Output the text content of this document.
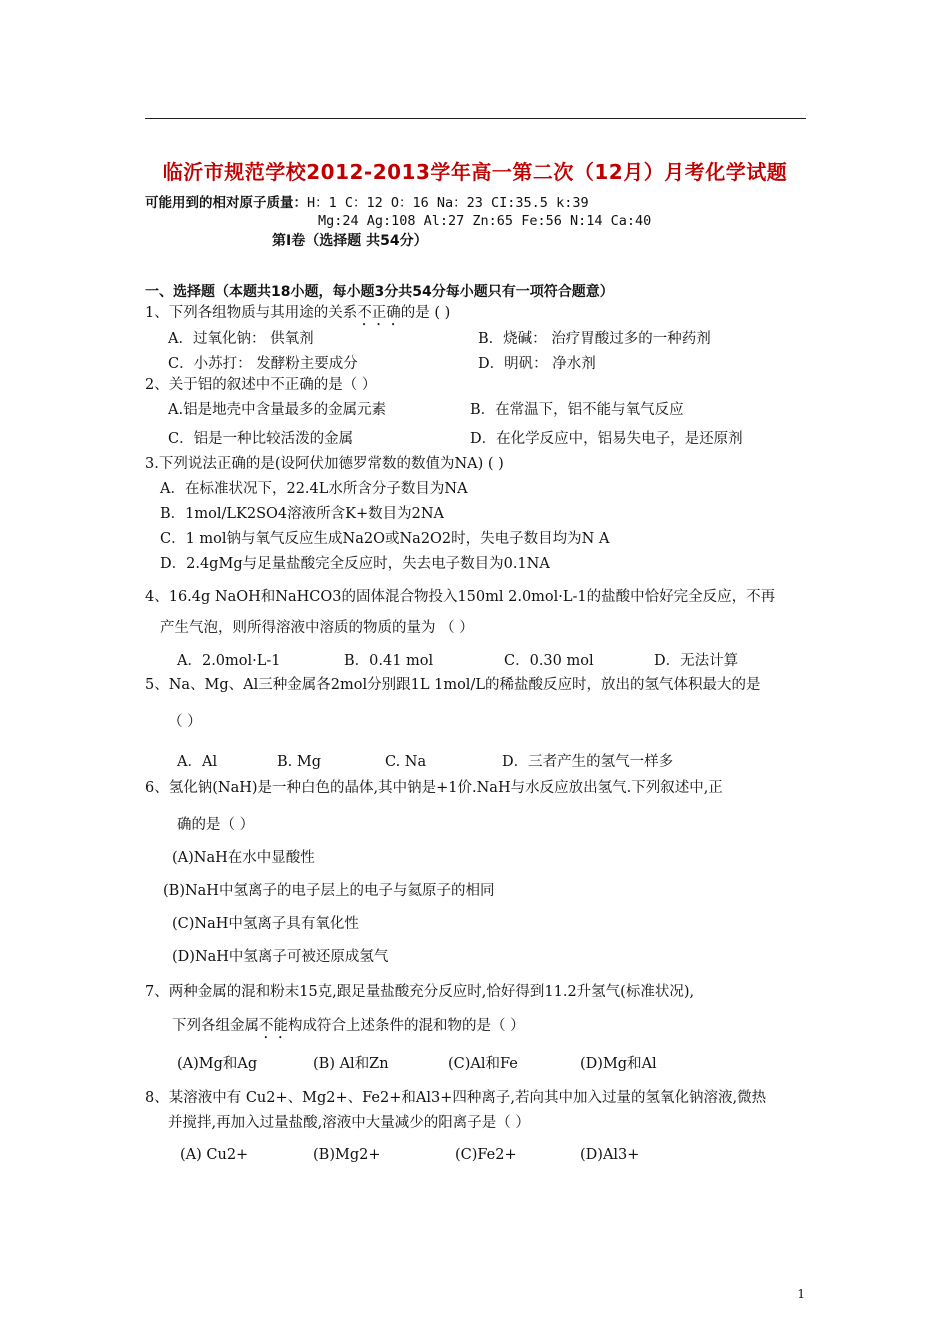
临沂市规范学校2012-2013学年高一第二次（12月）月考化学试题
可能用到的相对原子质量：H：1 C：12 O：16 Na：23 CI:35.5 k:39
Mg:24 Ag:108 Al:27 Zn:65 Fe:56 N:14 Ca:40
第Ⅰ卷（选择题 共54分）
一、选择题（本题共18小题，每小题3分共54分每小题只有一项符合题意）
1、下列各组物质与其用途的关系不正确的是 ( )
A．过氧化钠： 供氧剂	B．烧碱： 治疗胃酸过多的一种药剂
C．小苏打： 发酵粉主要成分	D．明矾： 净水剂
2、关于铝的叙述中不正确的是（ ）
A.铝是地壳中含量最多的金属元素	B．在常温下，铝不能与氧气反应
C．铝是一种比较活泼的金属	D．在化学反应中，铝易失电子，是还原剂
3.下列说法正确的是(设阿伏加德罗常数的数值为NA) ( )
A．在标准状况下，22.4L水所含分子数目为NA
B．1mol/LK2SO4溶液所含K+数目为2NA
C．1 mol钠与氧气反应生成Na2O或Na2O2时，失电子数目均为N A
D．2.4gMg与足量盐酸完全反应时，失去电子数目为0.1NA
4、16.4g NaOH和NaHCO3的固体混合物投入150ml 2.0mol·L-1的盐酸中恰好完全反应，不再
产生气泡，则所得溶液中溶质的物质的量为 （ ）
A．2.0mol·L-1	B．0.41 mol	C．0.30 mol	D．无法计算
5、Na、Mg、Al三种金属各2mol分别跟1L 1mol/L的稀盐酸反应时，放出的氢气体积最大的是
（ ）
A．Al	B. Mg	C. Na	D．三者产生的氢气一样多
6、氢化钠(NaH)是一种白色的晶体,其中钠是+1价.NaH与水反应放出氢气.下列叙述中,正
确的是（ ）
(A)NaH在水中显酸性
(B)NaH中氢离子的电子层上的电子与氦原子的相同
(C)NaH中氢离子具有氧化性
(D)NaH中氢离子可被还原成氢气
7、两种金属的混和粉末15克,跟足量盐酸充分反应时,恰好得到11.2升氢气(标准状况),
下列各组金属不能构成符合上述条件的混和物的是（ ）
(A)Mg和Ag	(B) Al和Zn	(C)Al和Fe	(D)Mg和Al
8、某溶液中有 Cu2+、Mg2+、Fe2+和Al3+四种离子,若向其中加入过量的氢氧化钠溶液,微热
并搅拌,再加入过量盐酸,溶液中大量减少的阳离子是（ ）
(A) Cu2+	(B)Mg2+	(C)Fe2+	(D)Al3+
1
